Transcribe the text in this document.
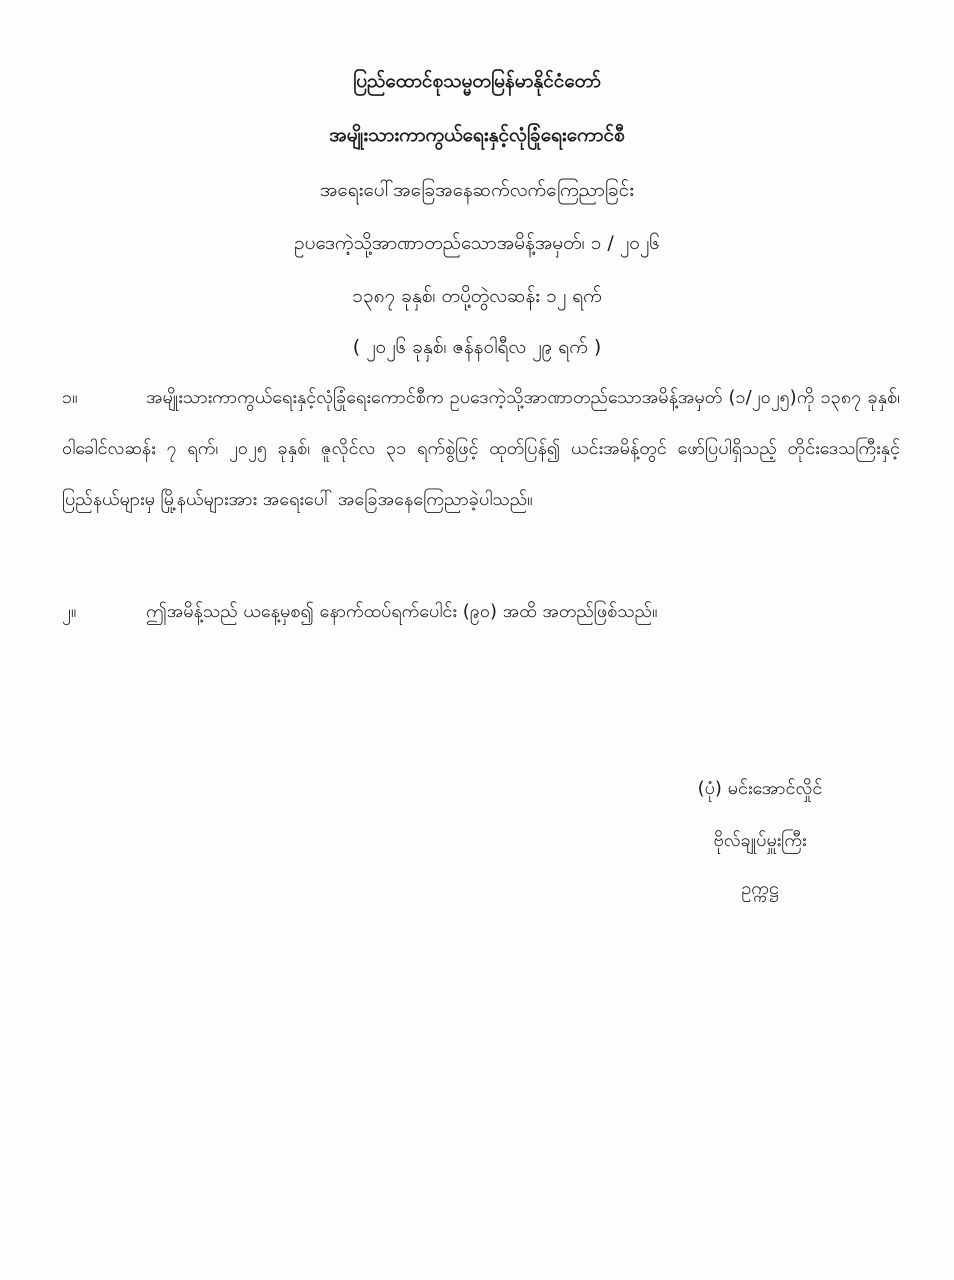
ပြည်ထောင်စုသမ္မတမြန်မာနိုင်ငံတော်
အမျိုးသားကာကွယ်ရေးနှင့်လုံခြုံရေးကောင်စီ
အရေးပေါ်အခြေအနေဆက်လက်ကြေညာခြင်း
ဥပဒေကဲ့သို့အာဏာတည်သောအမိန့်အမှတ်၊ ၁ / ၂၀၂၆
၁၃၈၇ ခုနှစ်၊ တပို့တွဲလဆန်း ၁၂ ရက်
( ၂၀၂၆ ခုနှစ်၊ ဇန်နဝါရီလ ၂၉ ရက် )
၁။	အမျိုးသားကာကွယ်ရေးနှင့်လုံခြုံရေးကောင်စီက ဥပဒေကဲ့သို့အာဏာတည်သောအမိန့်အမှတ် (၁/၂၀၂၅)ကို ၁၃၈၇ ခုနှစ်၊ ဝါခေါင်လဆန်း ၇ ရက်၊ ၂၀၂၅ ခုနှစ်၊ ဇူလိုင်လ ၃၁ ရက်စွဲဖြင့် ထုတ်ပြန်၍ ယင်းအမိန့်တွင် ဖော်ပြပါရှိသည့် တိုင်းဒေသကြီးနှင့် ပြည်နယ်များမှ မြို့နယ်များအား အရေးပေါ် အခြေအနေကြေညာခဲ့ပါသည်။
၂။	ဤအမိန့်သည် ယနေ့မှစ၍ နောက်ထပ်ရက်ပေါင်း (၉၀) အထိ အတည်ဖြစ်သည်။
(ပုံ) မင်းအောင်လှိုင်
ဗိုလ်ချုပ်မှူးကြီး
ဥက္ကဋ္ဌ
